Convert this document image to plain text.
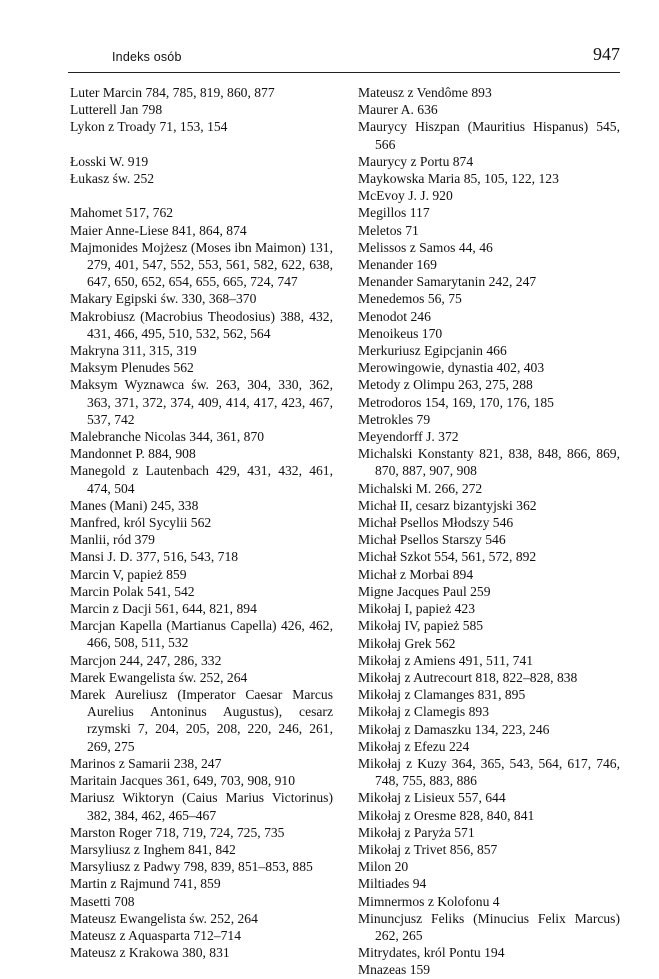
Indeks osób	947
Luter Marcin 784, 785, 819, 860, 877
Lutterell Jan 798
Lykon z Troady 71, 153, 154
Łosski W. 919
Łukasz św. 252
Mahomet 517, 762
Maier Anne-Liese 841, 864, 874
Majmonides Mojżesz (Moses ibn Maimon) 131, 279, 401, 547, 552, 553, 561, 582, 622, 638, 647, 650, 652, 654, 655, 665, 724, 747
Makary Egipski św. 330, 368–370
Makrobiusz (Macrobius Theodosius) 388, 432, 431, 466, 495, 510, 532, 562, 564
Makryna 311, 315, 319
Maksym Plenudes 562
Maksym Wyznawca św. 263, 304, 330, 362, 363, 371, 372, 374, 409, 414, 417, 423, 467, 537, 742
Malebranche Nicolas 344, 361, 870
Mandonnet P. 884, 908
Manegold z Lautenbach 429, 431, 432, 461, 474, 504
Manes (Mani) 245, 338
Manfred, król Sycylii 562
Manlii, ród 379
Mansi J. D. 377, 516, 543, 718
Marcin V, papież 859
Marcin Polak 541, 542
Marcin z Dacji 561, 644, 821, 894
Marcjan Kapella (Martianus Capella) 426, 462, 466, 508, 511, 532
Marcjon 244, 247, 286, 332
Marek Ewangelista św. 252, 264
Marek Aureliusz (Imperator Caesar Marcus Aurelius Antoninus Augustus), cesarz rzymski 7, 204, 205, 208, 220, 246, 261, 269, 275
Marinos z Samarii 238, 247
Maritain Jacques 361, 649, 703, 908, 910
Mariusz Wiktoryn (Caius Marius Victorinus) 382, 384, 462, 465–467
Marston Roger 718, 719, 724, 725, 735
Marsyliusz z Inghem 841, 842
Marsyliusz z Padwy 798, 839, 851–853, 885
Martin z Rajmund 741, 859
Masetti 708
Mateusz Ewangelista św. 252, 264
Mateusz z Aquasparta 712–714
Mateusz z Krakowa 380, 831
Mateusz z Vendôme 893
Maurer A. 636
Maurycy Hiszpan (Mauritius Hispanus) 545, 566
Maurycy z Portu 874
Maykowska Maria 85, 105, 122, 123
McEvoy J. J. 920
Megillos 117
Meletos 71
Melissos z Samos 44, 46
Menander 169
Menander Samarytanin 242, 247
Menedemos 56, 75
Menodot 246
Menoikeus 170
Merkuriusz Egipcjanin 466
Merowingowie, dynastia 402, 403
Metody z Olimpu 263, 275, 288
Metrodoros 154, 169, 170, 176, 185
Metrokles 79
Meyendorff J. 372
Michalski Konstanty 821, 838, 848, 866, 869, 870, 887, 907, 908
Michalski M. 266, 272
Michał II, cesarz bizantyjski 362
Michał Psellos Młodszy 546
Michał Psellos Starszy 546
Michał Szkot 554, 561, 572, 892
Michał z Morbai 894
Migne Jacques Paul 259
Mikołaj I, papież 423
Mikołaj IV, papież 585
Mikołaj Grek 562
Mikołaj z Amiens 491, 511, 741
Mikołaj z Autrecourt 818, 822–828, 838
Mikołaj z Clamanges 831, 895
Mikołaj z Clamegis 893
Mikołaj z Damaszku 134, 223, 246
Mikołaj z Efezu 224
Mikołaj z Kuzy 364, 365, 543, 564, 617, 746, 748, 755, 883, 886
Mikołaj z Lisieux 557, 644
Mikołaj z Oresme 828, 840, 841
Mikołaj z Paryża 571
Mikołaj z Trivet 856, 857
Milon 20
Miltiades 94
Mimnermos z Kolofonu 4
Minuncjusz Feliks (Minucius Felix Marcus) 262, 265
Mitrydates, król Pontu 194
Mnazeas 159
